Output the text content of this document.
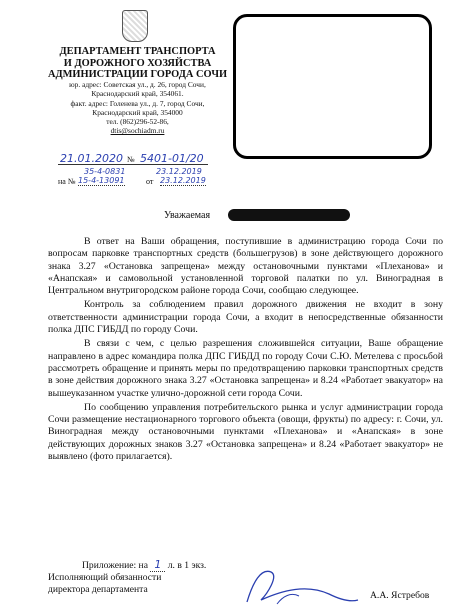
ДЕПАРТАМЕНТ ТРАНСПОРТА
И ДОРОЖНОГО ХОЗЯЙСТВА
АДМИНИСТРАЦИИ ГОРОДА СОЧИ
юр. адрес: Советская ул., д. 26, город Сочи,
Краснодарский край, 354061.
факт. адрес: Голенева ул., д. 7, город Сочи,
Краснодарский край, 354000
тел. (862)296-52-86,
dtis@sochiadm.ru
21.01.2020 № 5401-01/20
35-4-0831	23.12.2019
на № 15-4-13091	от 23.12.2019
Уважаемая

В ответ на Ваши обращения, поступившие в администрацию города Сочи по вопросам парковке транспортных средств (большегрузов) в зоне действующего дорожного знака 3.27 «Остановка запрещена» между остановочными пунктами «Плеханова» и «Анапская» и самовольной установленной торговой палатки по ул. Виноградная в Центральном внутригородском районе города Сочи, сообщаю следующее.

Контроль за соблюдением правил дорожного движения не входит в зону ответственности администрации города Сочи, а входит в непосредственные обязанности полка ДПС ГИБДД по городу Сочи.

В связи с чем, с целью разрешения сложившейся ситуации, Ваше обращение направлено в адрес командира полка ДПС ГИБДД по городу Сочи С.Ю. Метелева с просьбой рассмотреть обращение и принять меры по предотвращению парковки транспортных средств в зоне действия дорожного знака 3.27 «Остановка запрещена» и 8.24 «Работает эвакуатор» на вышеуказанном участке улично-дорожной сети города Сочи.

По сообщению управления потребительского рынка и услуг администрации города Сочи размещение нестационарного торгового объекта (овощи, фрукты) по адресу: г. Сочи, ул. Виноградная между остановочными пунктами «Плеханова» и «Анапская» в зоне действующих дорожных знаков 3.27 «Остановка запрещена» и 8.24 «Работает эвакуатор» не выявлено (фото прилагается).

Приложение: на 1 л. в 1 экз.
Исполняющий обязанности
директора департамента
А.А. Ястребов
